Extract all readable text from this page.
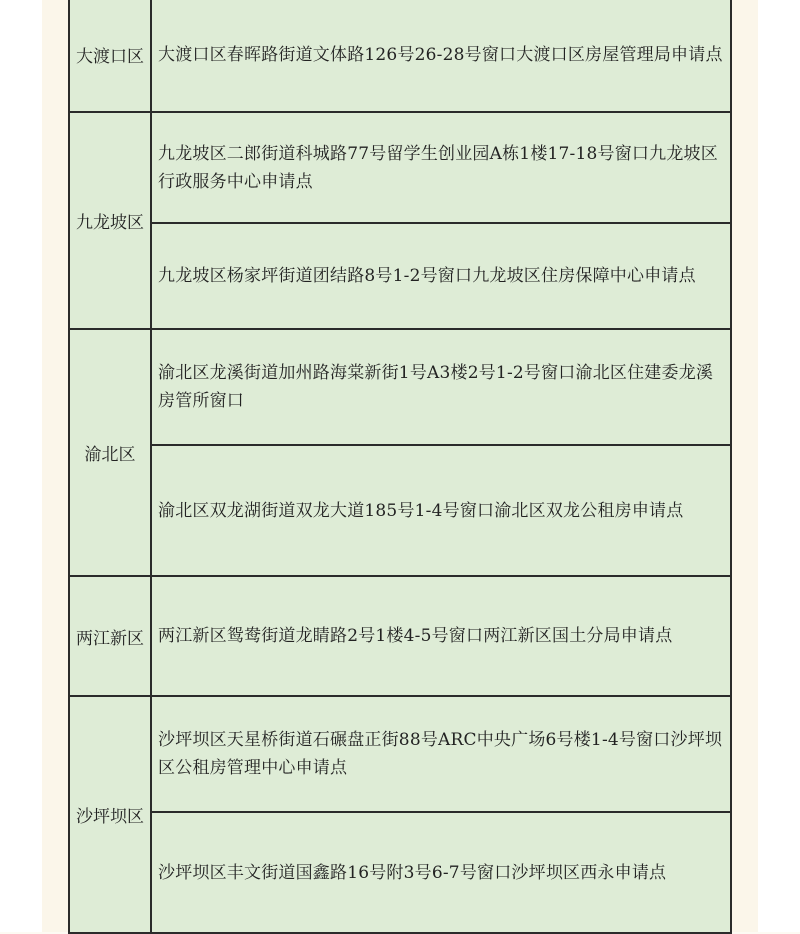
大渡口区	大渡口区春晖路街道文体路126号26-28号窗口大渡口区房屋管理局申请点

九龙坡区	九龙坡区二郎街道科城路77号留学生创业园A栋1楼17-18号窗口九龙坡区行政服务中心申请点

	九龙坡区杨家坪街道团结路8号1-2号窗口九龙坡区住房保障中心申请点

渝北区	渝北区龙溪街道加州路海棠新街1号A3楼2号1-2号窗口渝北区住建委龙溪房管所窗口

	渝北区双龙湖街道双龙大道185号1-4号窗口渝北区双龙公租房申请点

两江新区	两江新区鸳鸯街道龙睛路2号1楼4-5号窗口两江新区国土分局申请点

沙坪坝区	沙坪坝区天星桥街道石碾盘正街88号ARC中央广场6号楼1-4号窗口沙坪坝区公租房管理中心申请点

	沙坪坝区丰文街道国鑫路16号附3号6-7号窗口沙坪坝区西永申请点
